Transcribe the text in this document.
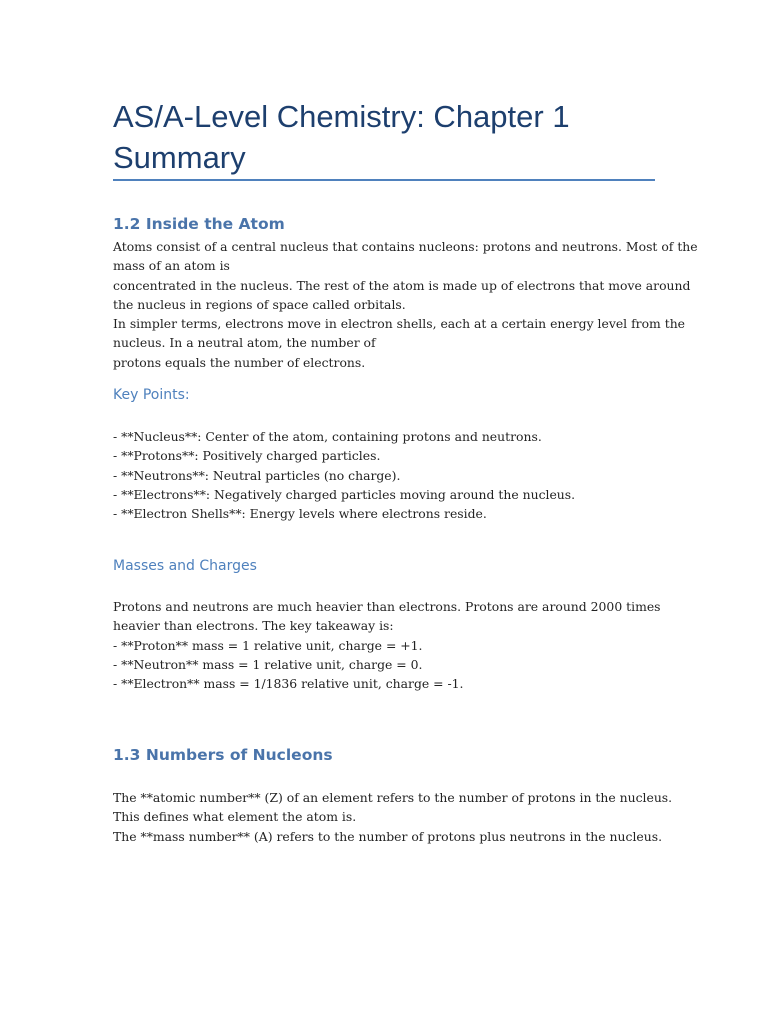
AS/A-Level Chemistry: Chapter 1
Summary
1.2 Inside the Atom
Atoms consist of a central nucleus that contains nucleons: protons and neutrons. Most of the
mass of an atom is
concentrated in the nucleus. The rest of the atom is made up of electrons that move around
the nucleus in regions of space called orbitals.
In simpler terms, electrons move in electron shells, each at a certain energy level from the
nucleus. In a neutral atom, the number of
protons equals the number of electrons.
Key Points:
- **Nucleus**: Center of the atom, containing protons and neutrons.
- **Protons**: Positively charged particles.
- **Neutrons**: Neutral particles (no charge).
- **Electrons**: Negatively charged particles moving around the nucleus.
- **Electron Shells**: Energy levels where electrons reside.
Masses and Charges
Protons and neutrons are much heavier than electrons. Protons are around 2000 times
heavier than electrons. The key takeaway is:
- **Proton** mass = 1 relative unit, charge = +1.
- **Neutron** mass = 1 relative unit, charge = 0.
- **Electron** mass = 1/1836 relative unit, charge = -1.
1.3 Numbers of Nucleons
The **atomic number** (Z) of an element refers to the number of protons in the nucleus.
This defines what element the atom is.
The **mass number** (A) refers to the number of protons plus neutrons in the nucleus.
